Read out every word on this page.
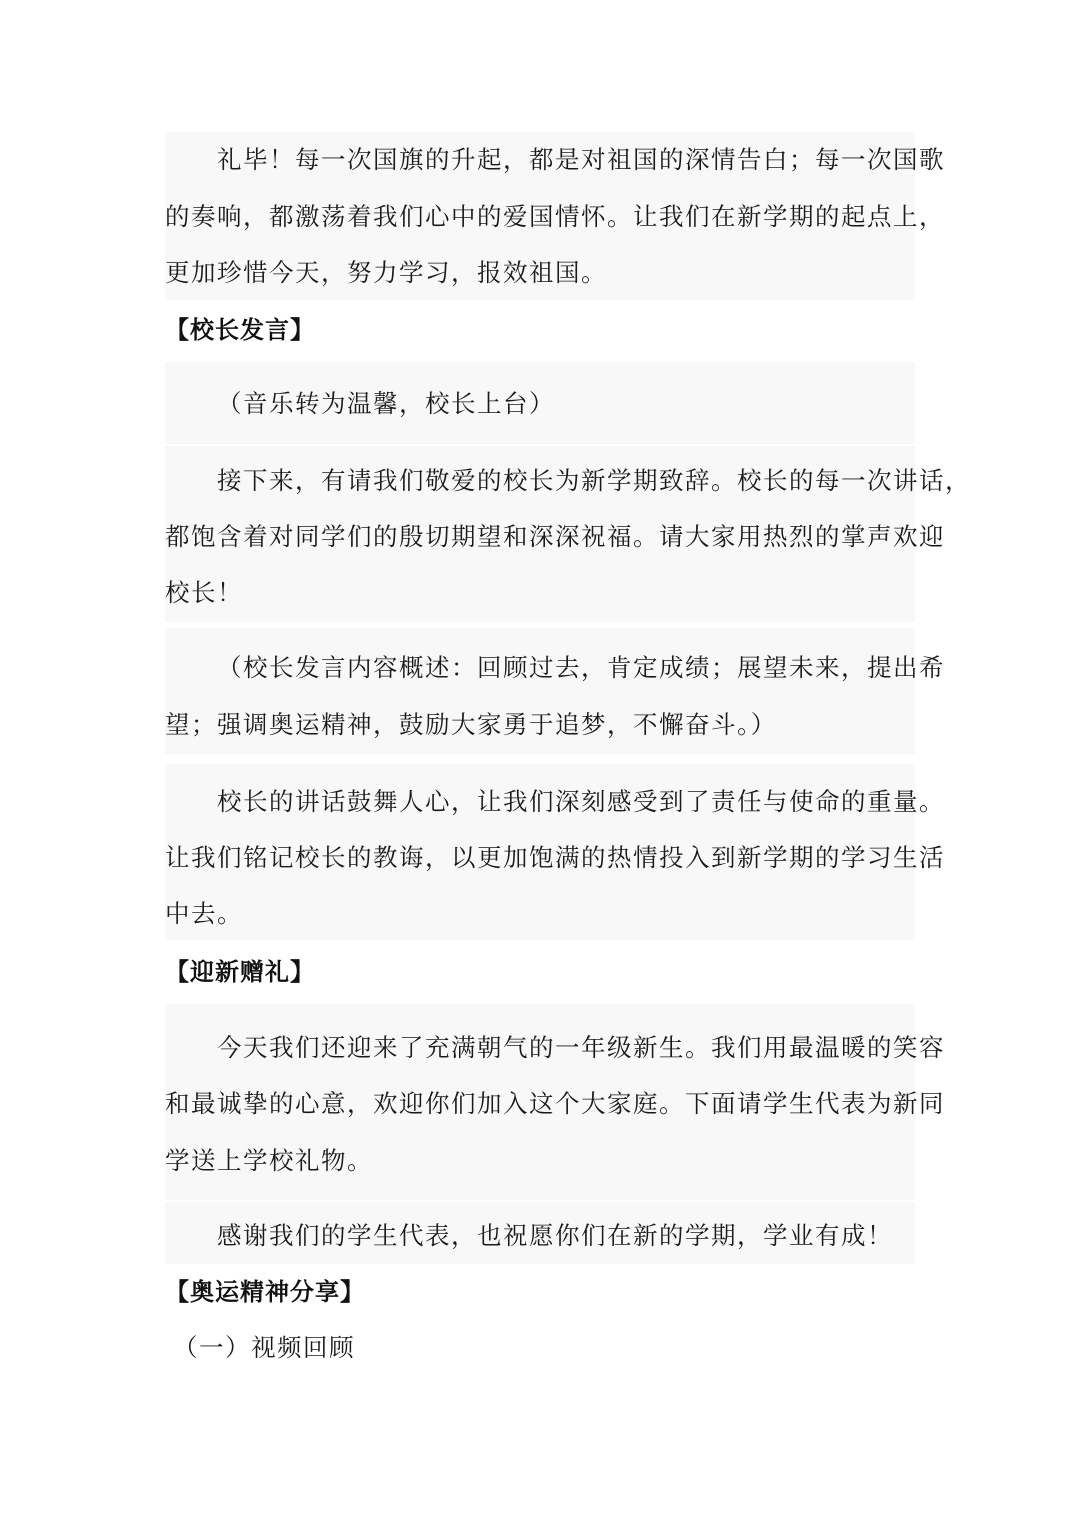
礼毕！每一次国旗的升起，都是对祖国的深情告白；每一次国歌
的奏响，都激荡着我们心中的爱国情怀。让我们在新学期的起点上，
更加珍惜今天，努力学习，报效祖国。
【校长发言】
（音乐转为温馨，校长上台）
接下来，有请我们敬爱的校长为新学期致辞。校长的每一次讲话，
都饱含着对同学们的殷切期望和深深祝福。请大家用热烈的掌声欢迎
校长！
（校长发言内容概述：回顾过去，肯定成绩；展望未来，提出希
望；强调奥运精神，鼓励大家勇于追梦，不懈奋斗。）
校长的讲话鼓舞人心，让我们深刻感受到了责任与使命的重量。
让我们铭记校长的教诲，以更加饱满的热情投入到新学期的学习生活
中去。
【迎新赠礼】
今天我们还迎来了充满朝气的一年级新生。我们用最温暖的笑容
和最诚挚的心意，欢迎你们加入这个大家庭。下面请学生代表为新同
学送上学校礼物。
感谢我们的学生代表，也祝愿你们在新的学期，学业有成！
【奥运精神分享】
（一）视频回顾
